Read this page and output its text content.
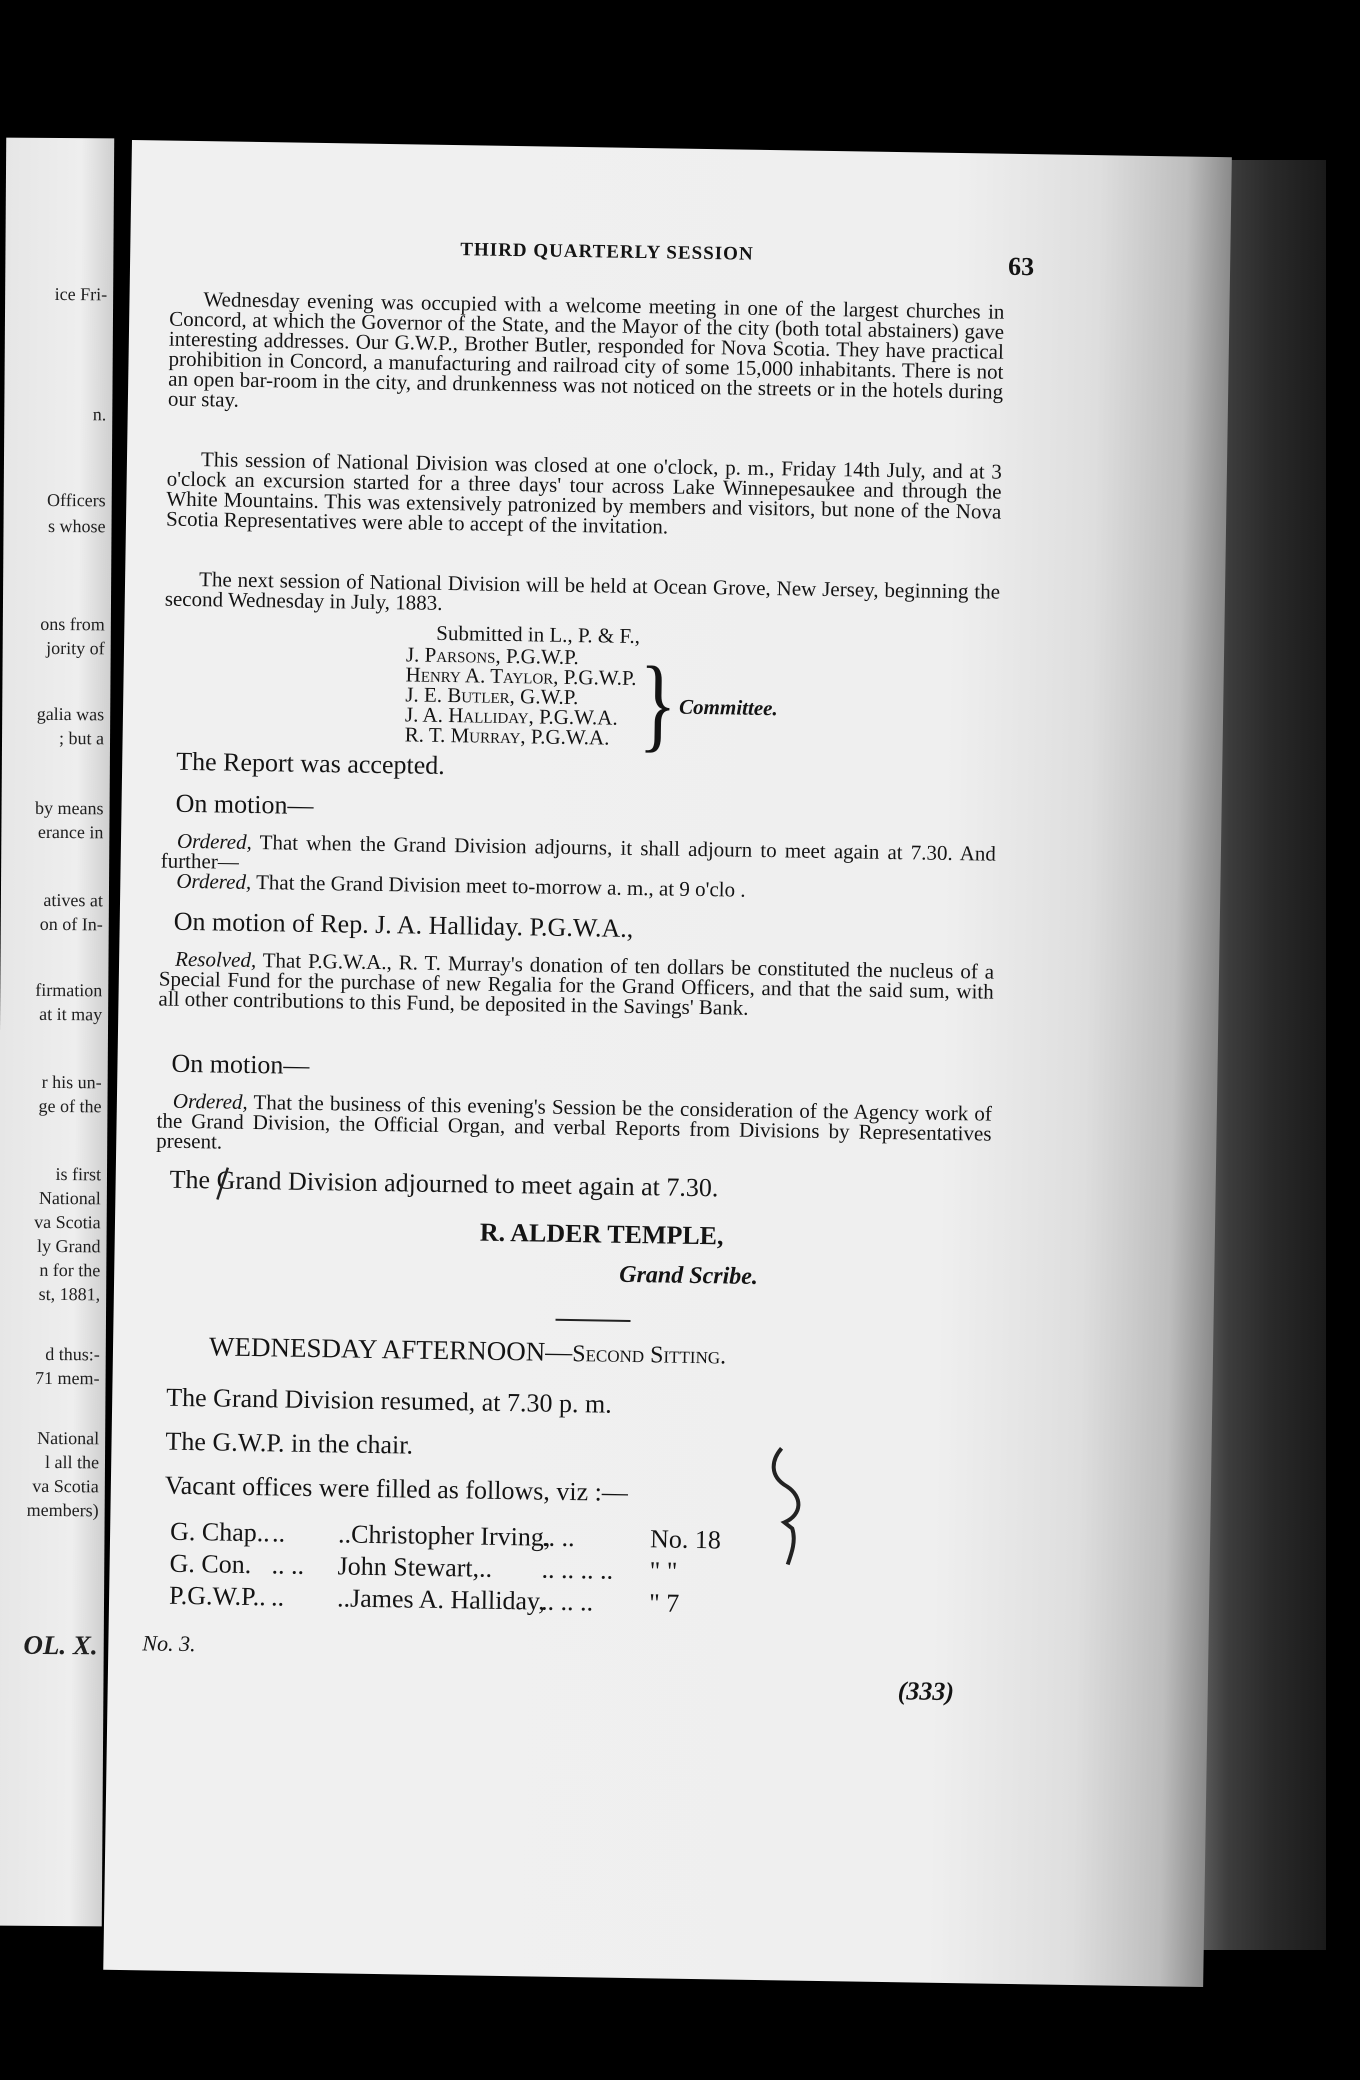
ice Fri-
n.
Officers
s whose
ons from
jority of
galia was
; but a
by means
erance in
atives at
on of In-
firmation
at it may
r his un-
ge of the
is first
National
va Scotia
ly Grand
n for the
st, 1881,
d thus:-
71 mem-
National
l all the
va Scotia
members)
OL. X.
THIRD QUARTERLY SESSION	63
Wednesday evening was occupied with a welcome meeting in one of the largest churches in Concord, at which the Governor of the State, and the Mayor of the city (both total abstainers) gave interesting addresses. Our G.W.P., Brother Butler, responded for Nova Scotia. They have practical prohibition in Concord, a manufacturing and railroad city of some 15,000 inhabitants. There is not an open bar-room in the city, and drunkenness was not noticed on the streets or in the hotels during our stay.
This session of National Division was closed at one o'clock, p. m., Friday 14th July, and at 3 o'clock an excursion started for a three days' tour across Lake Winnepesaukee and through the White Mountains. This was extensively patronized by members and visitors, but none of the Nova Scotia Representatives were able to accept of the invitation.
The next session of National Division will be held at Ocean Grove, New Jersey, beginning the second Wednesday in July, 1883.
Submitted in L., P. & F.,
J. Parsons, P.G.W.P.
Henry A. Taylor, P.G.W.P.
J. E. Butler, G.W.P.
J. A. Halliday, P.G.W.A.
R. T. Murray, P.G.W.A. } Committee.
The Report was accepted.
On motion—
Ordered, That when the Grand Division adjourns, it shall adjourn to meet again at 7.30. And further—
Ordered, That the Grand Division meet to-morrow a. m., at 9 o'clo .
On motion of Rep. J. A. Halliday. P.G.W.A.,
Resolved, That P.G.W.A., R. T. Murray's donation of ten dollars be constituted the nucleus of a Special Fund for the purchase of new Regalia for the Grand Officers, and that the said sum, with all other contributions to this Fund, be deposited in the Savings' Bank.
On motion—
Ordered, That the business of this evening's Session be the consideration of the Agency work of the Grand Division, the Official Organ, and verbal Reports from Divisions by Representatives present.
The Grand Division adjourned to meet again at 7.30.
R. ALDER TEMPLE,
Grand Scribe.
WEDNESDAY AFTERNOON—Second Sitting.
The Grand Division resumed, at 7.30 p. m.
The G.W.P. in the chair.
Vacant offices were filled as follows, viz :—
G. Chap.. .. ..Christopher Irving,
.. ..	No. 18
G. Con. .. .. John Stewart,.. .. .. .. .. " "
P.G.W.P.. .. ..James A. Halliday,
.. .. .. " 7
No. 3.
(333)
